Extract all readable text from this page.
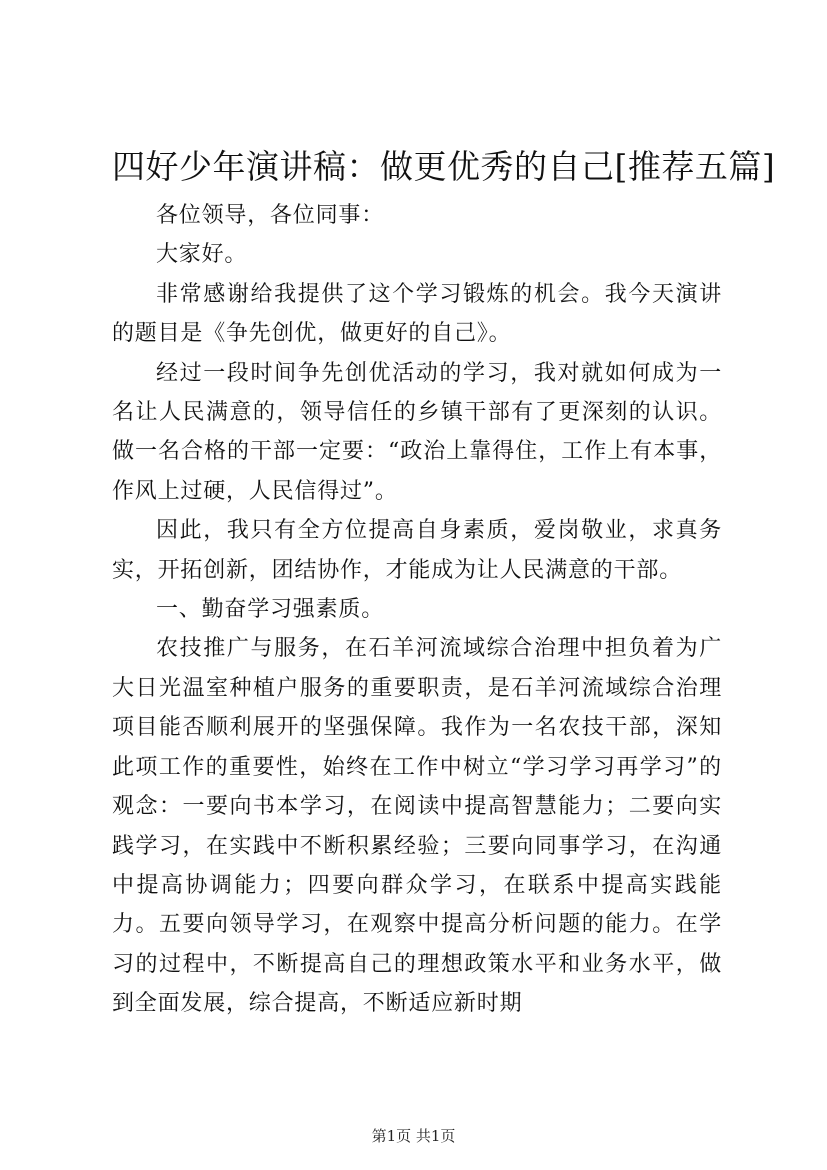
四好少年演讲稿：做更优秀的自己[推荐五篇]

各位领导，各位同事：

大家好。

非常感谢给我提供了这个学习锻炼的机会。我今天演讲的题目是《争先创优，做更好的自己》。

经过一段时间争先创优活动的学习，我对就如何成为一名让人民满意的，领导信任的乡镇干部有了更深刻的认识。做一名合格的干部一定要：“政治上靠得住，工作上有本事，作风上过硬，人民信得过”。

因此，我只有全方位提高自身素质，爱岗敬业，求真务实，开拓创新，团结协作，才能成为让人民满意的干部。

一、勤奋学习强素质。

农技推广与服务，在石羊河流域综合治理中担负着为广大日光温室种植户服务的重要职责，是石羊河流域综合治理项目能否顺利展开的坚强保障。我作为一名农技干部，深知此项工作的重要性，始终在工作中树立“学习学习再学习”的观念：一要向书本学习，在阅读中提高智慧能力；二要向实践学习，在实践中不断积累经验；三要向同事学习，在沟通中提高协调能力；四要向群众学习，在联系中提高实践能力。五要向领导学习，在观察中提高分析问题的能力。在学习的过程中，不断提高自己的理想政策水平和业务水平，做到全面发展，综合提高，不断适应新时期

第1页 共1页
